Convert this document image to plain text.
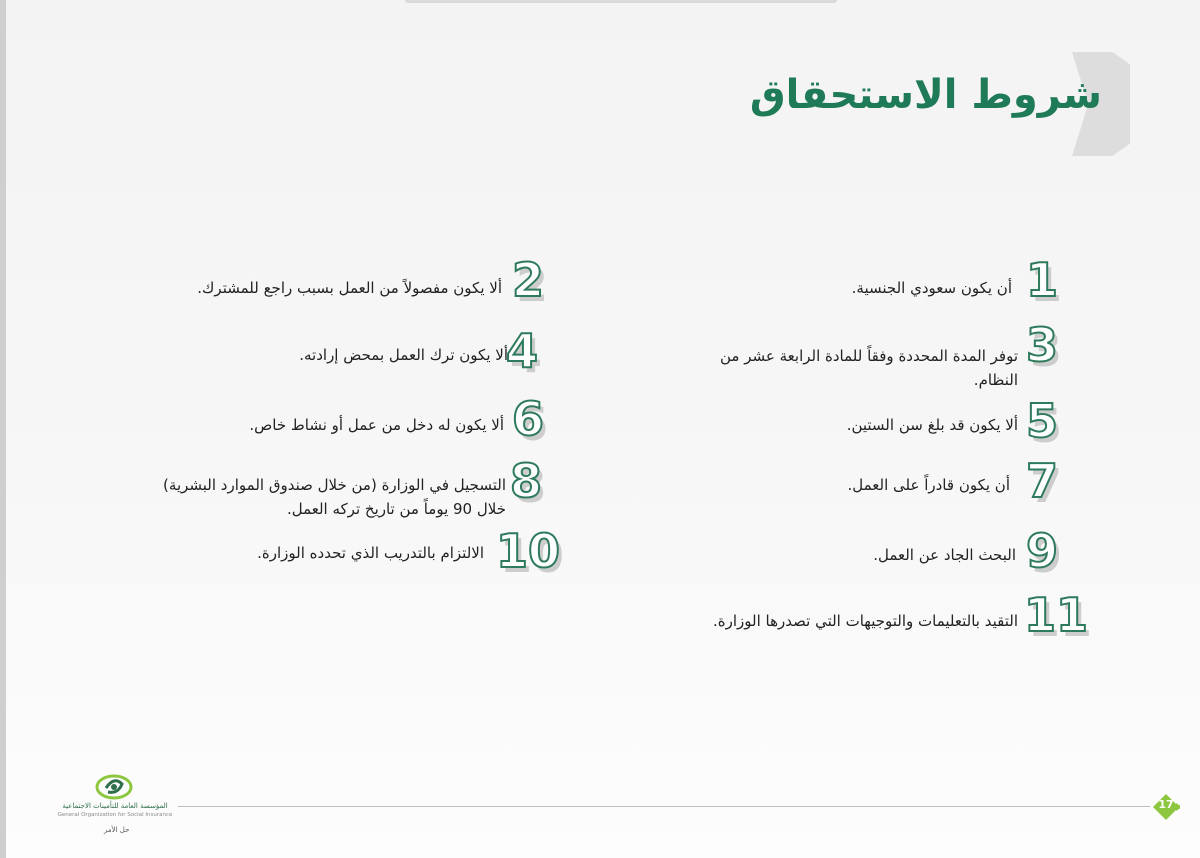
شروط الاستحقاق
1
أن يكون سعودي الجنسية.
3
توفر المدة المحددة وفقاً للمادة الرابعة عشر من
النظام.
5
ألا يكون قد بلغ سن الستين.
7
أن يكون قادراً على العمل.
9
البحث الجاد عن العمل.
11
التقيد بالتعليمات والتوجيهات التي تصدرها الوزارة.
2
ألا يكون مفصولاً من العمل بسبب راجع للمشترك.
4
ألا يكون ترك العمل بمحض إرادته.
6
ألا يكون له دخل من عمل أو نشاط خاص.
8
التسجيل في الوزارة (من خلال صندوق الموارد البشرية)
خلال 90 يوماً من تاريخ تركه العمل.
10
الالتزام بالتدريب الذي تحدده الوزارة.
المؤسسة العامة للتأمينات الاجتماعية
General Organization for Social Insurance
حل الأمر
17
